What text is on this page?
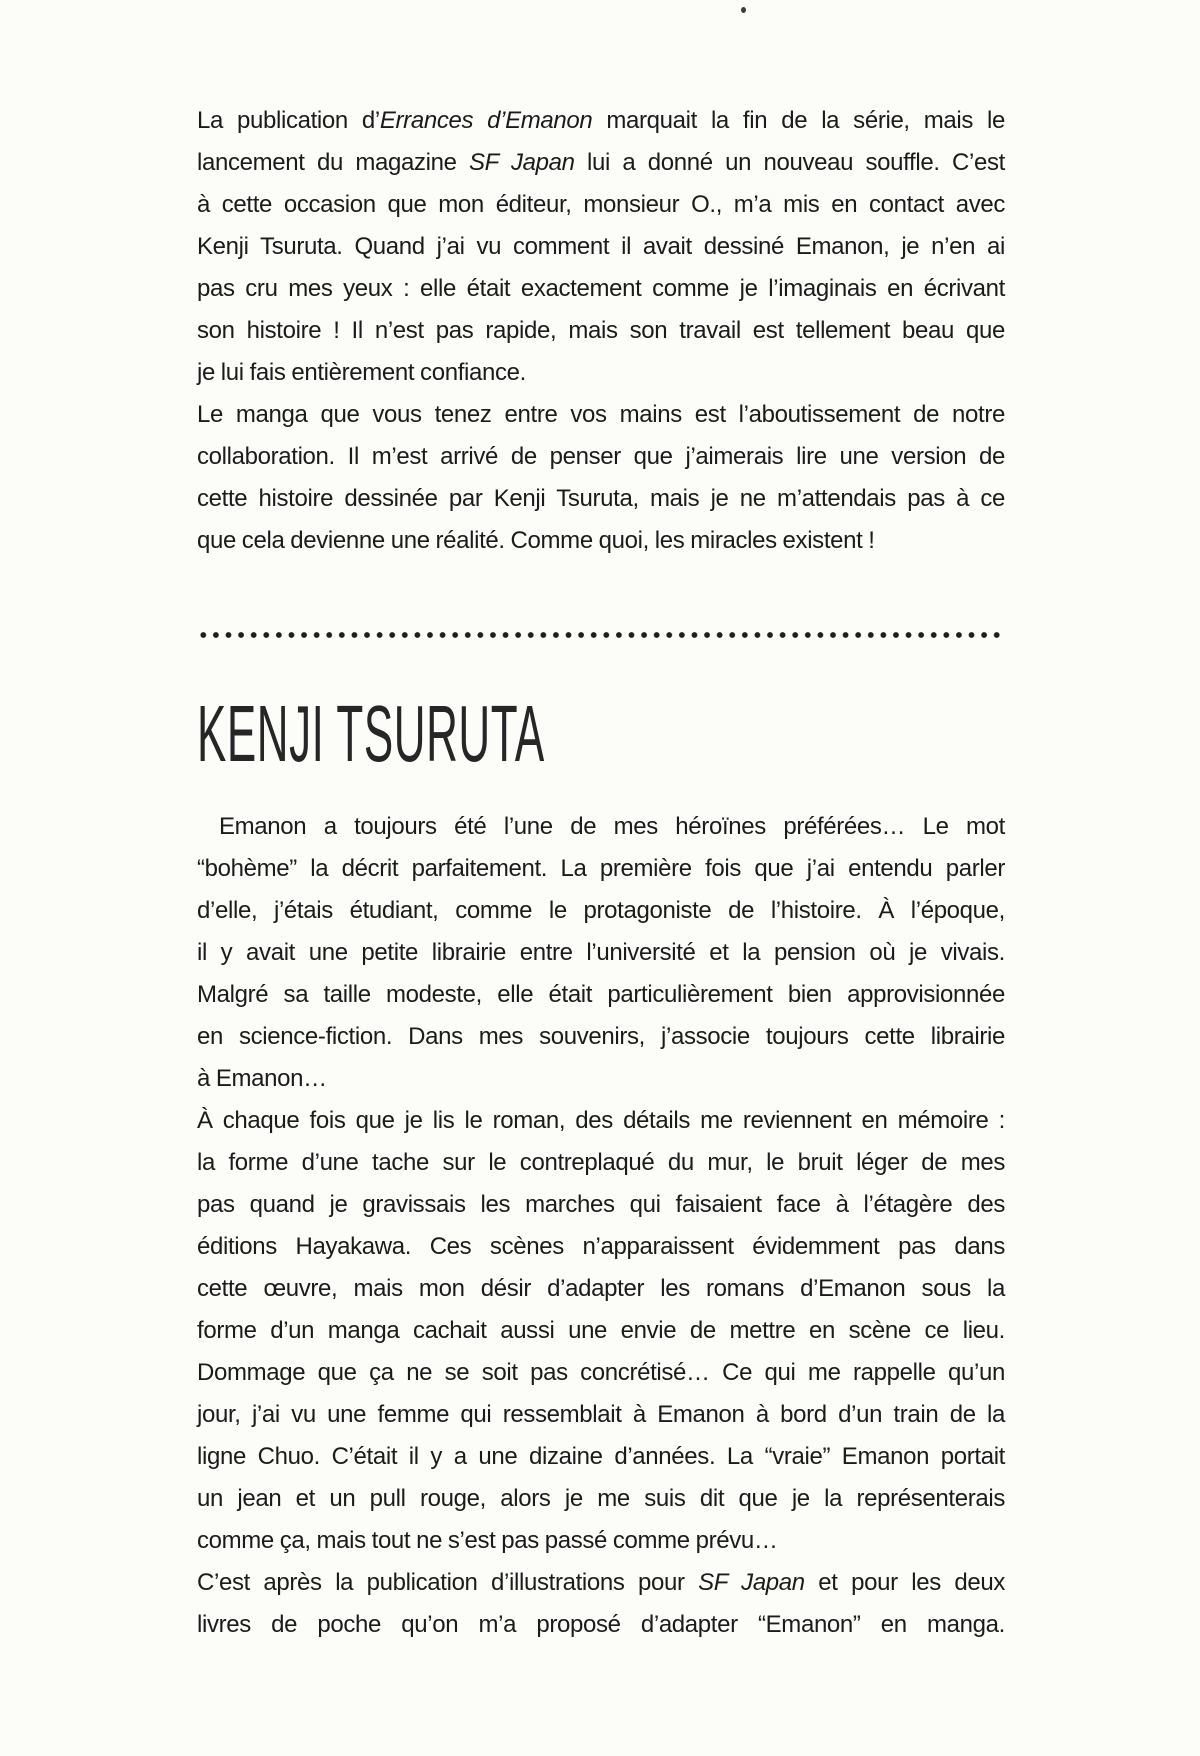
La publication d’Errances d’Emanon marquait la fin de la série, mais le
lancement du magazine SF Japan lui a donné un nouveau souffle. C’est
à cette occasion que mon éditeur, monsieur O., m’a mis en contact avec
Kenji Tsuruta. Quand j’ai vu comment il avait dessiné Emanon, je n’en ai
pas cru mes yeux : elle était exactement comme je l’imaginais en écrivant
son histoire ! Il n’est pas rapide, mais son travail est tellement beau que
je lui fais entièrement confiance.
Le manga que vous tenez entre vos mains est l’aboutissement de notre
collaboration. Il m’est arrivé de penser que j’aimerais lire une version de
cette histoire dessinée par Kenji Tsuruta, mais je ne m’attendais pas à ce
que cela devienne une réalité. Comme quoi, les miracles existent !
KENJI TSURUTA
Emanon a toujours été l’une de mes héroïnes préférées… Le mot
“bohème” la décrit parfaitement. La première fois que j’ai entendu parler
d’elle, j’étais étudiant, comme le protagoniste de l’histoire. À l’époque,
il y avait une petite librairie entre l’université et la pension où je vivais.
Malgré sa taille modeste, elle était particulièrement bien approvisionnée
en science-fiction. Dans mes souvenirs, j’associe toujours cette librairie
à Emanon…
À chaque fois que je lis le roman, des détails me reviennent en mémoire :
la forme d’une tache sur le contreplaqué du mur, le bruit léger de mes
pas quand je gravissais les marches qui faisaient face à l’étagère des
éditions Hayakawa. Ces scènes n’apparaissent évidemment pas dans
cette œuvre, mais mon désir d’adapter les romans d’Emanon sous la
forme d’un manga cachait aussi une envie de mettre en scène ce lieu.
Dommage que ça ne se soit pas concrétisé… Ce qui me rappelle qu’un
jour, j’ai vu une femme qui ressemblait à Emanon à bord d’un train de la
ligne Chuo. C’était il y a une dizaine d’années. La “vraie” Emanon portait
un jean et un pull rouge, alors je me suis dit que je la représenterais
comme ça, mais tout ne s’est pas passé comme prévu…
C’est après la publication d’illustrations pour SF Japan et pour les deux
livres de poche qu’on m’a proposé d’adapter “Emanon” en manga.
